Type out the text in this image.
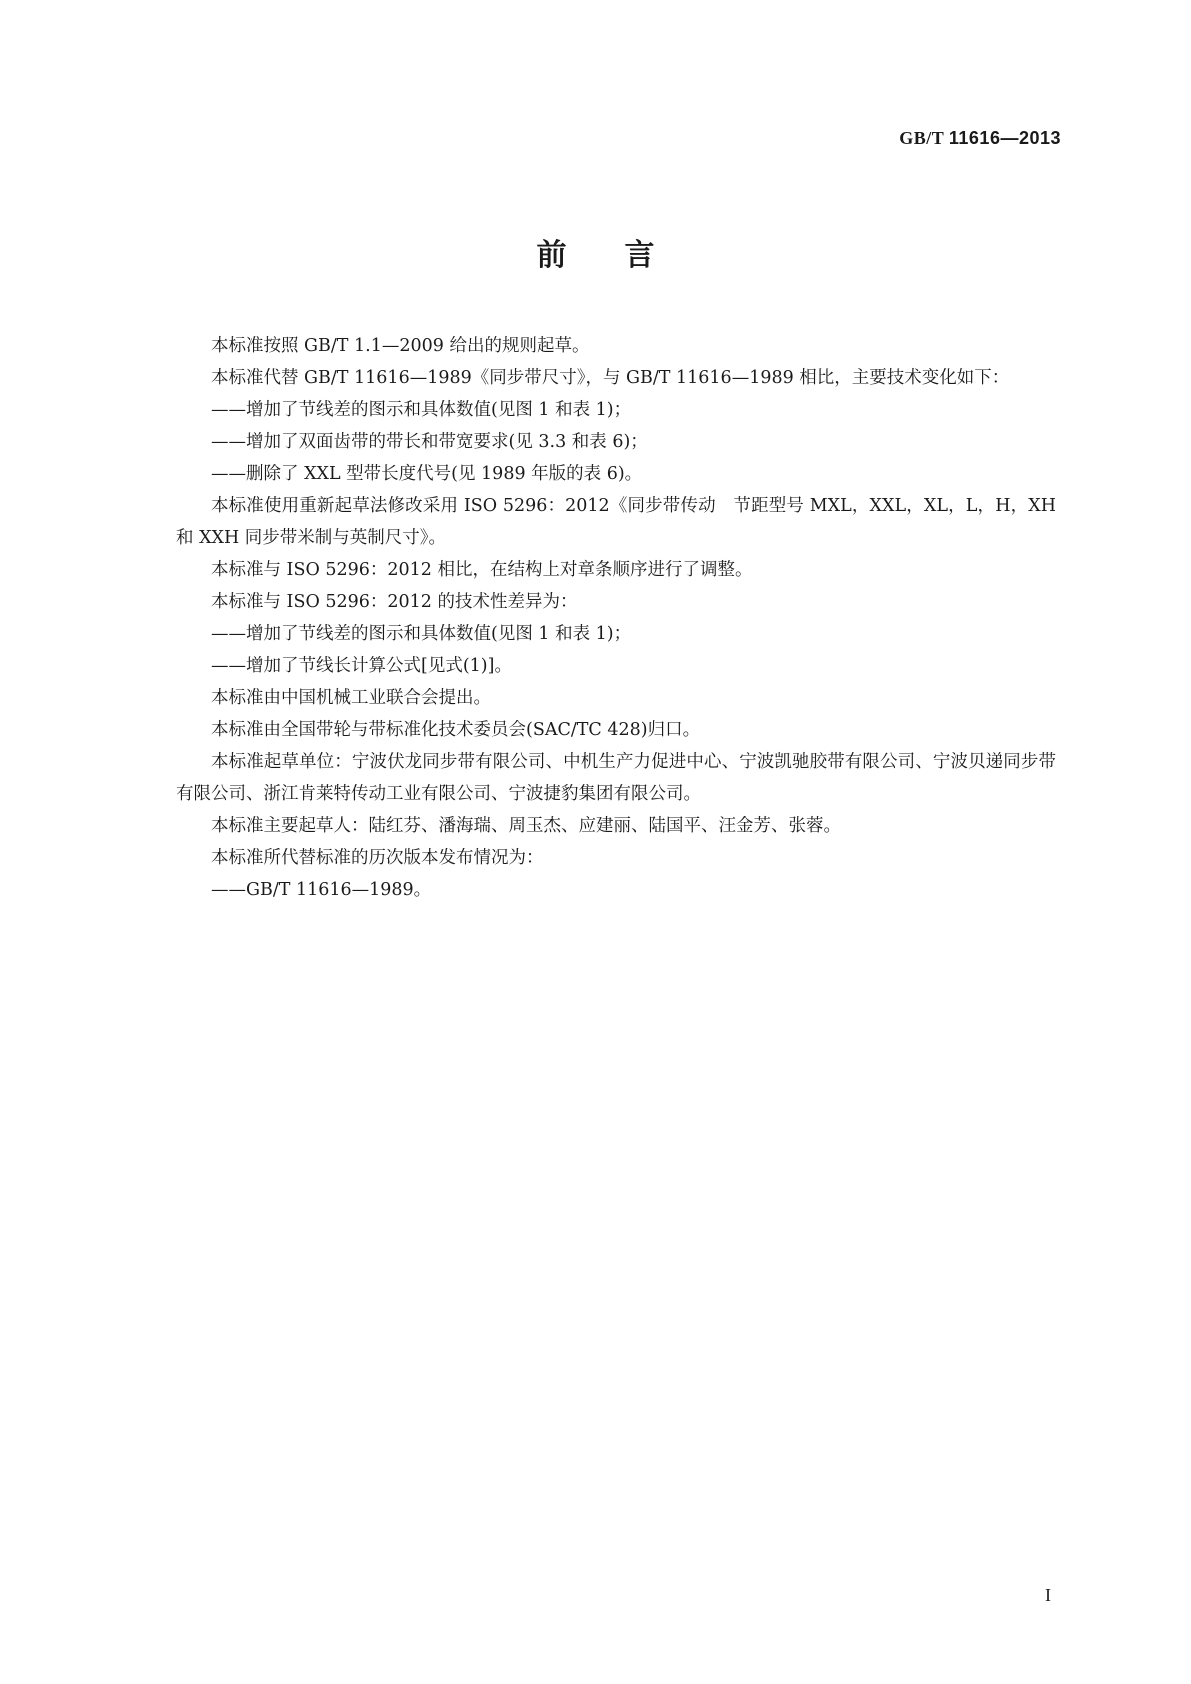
GB/T 11616—2013
前言

本标准按照 GB/T 1.1—2009 给出的规则起草。

本标准代替 GB/T 11616—1989《同步带尺寸》，与 GB/T 11616—1989 相比，主要技术变化如下：

——增加了节线差的图示和具体数值(见图 1 和表 1)；

——增加了双面齿带的带长和带宽要求(见 3.3 和表 6)；

——删除了 XXL 型带长度代号(见 1989 年版的表 6)。

本标准使用重新起草法修改采用 ISO 5296：2012《同步带传动　节距型号 MXL，XXL，XL，L，H，XH 和 XXH 同步带米制与英制尺寸》。

本标准与 ISO 5296：2012 相比，在结构上对章条顺序进行了调整。

本标准与 ISO 5296：2012 的技术性差异为：

——增加了节线差的图示和具体数值(见图 1 和表 1)；

——增加了节线长计算公式[见式(1)]。

本标准由中国机械工业联合会提出。

本标准由全国带轮与带标准化技术委员会(SAC/TC 428)归口。

本标准起草单位：宁波伏龙同步带有限公司、中机生产力促进中心、宁波凯驰胶带有限公司、宁波贝递同步带有限公司、浙江肯莱特传动工业有限公司、宁波捷豹集团有限公司。

本标准主要起草人：陆红芬、潘海瑞、周玉杰、应建丽、陆国平、汪金芳、张蓉。

本标准所代替标准的历次版本发布情况为：

——GB/T 11616—1989。

I
